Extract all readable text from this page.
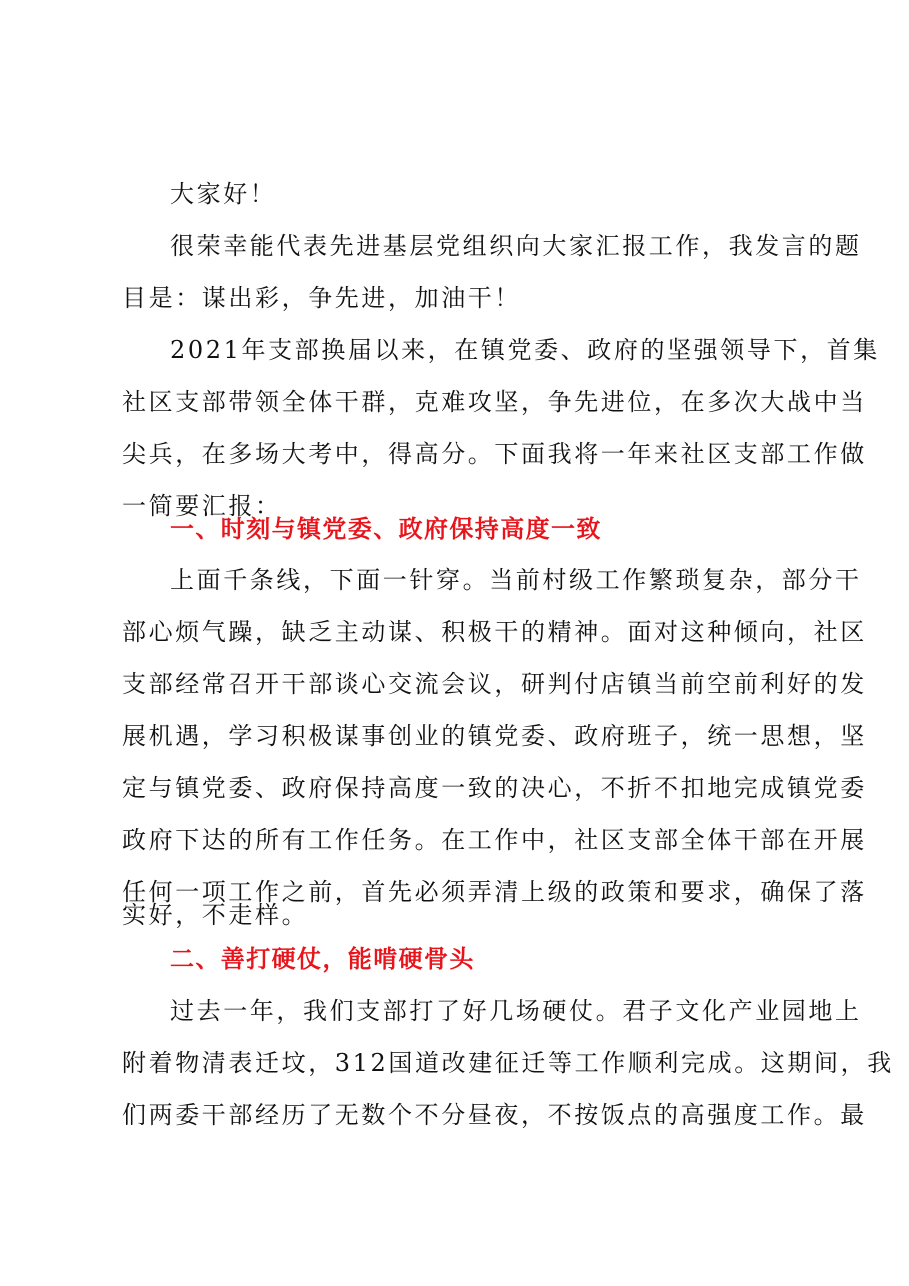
大家好！
很荣幸能代表先进基层党组织向大家汇报工作，我发言的题
目是：谋出彩，争先进，加油干！
2021年支部换届以来，在镇党委、政府的坚强领导下，首集
社区支部带领全体干群，克难攻坚，争先进位，在多次大战中当
尖兵，在多场大考中，得高分。下面我将一年来社区支部工作做
一简要汇报：
一、时刻与镇党委、政府保持高度一致
上面千条线，下面一针穿。当前村级工作繁琐复杂，部分干
部心烦气躁，缺乏主动谋、积极干的精神。面对这种倾向，社区
支部经常召开干部谈心交流会议，研判付店镇当前空前利好的发
展机遇，学习积极谋事创业的镇党委、政府班子，统一思想，坚
定与镇党委、政府保持高度一致的决心，不折不扣地完成镇党委
政府下达的所有工作任务。在工作中，社区支部全体干部在开展
任何一项工作之前，首先必须弄清上级的政策和要求，确保了落
实好，不走样。
二、善打硬仗，能啃硬骨头
过去一年，我们支部打了好几场硬仗。君子文化产业园地上
附着物清表迁坟，312国道改建征迁等工作顺利完成。这期间，我
们两委干部经历了无数个不分昼夜，不按饭点的高强度工作。最
